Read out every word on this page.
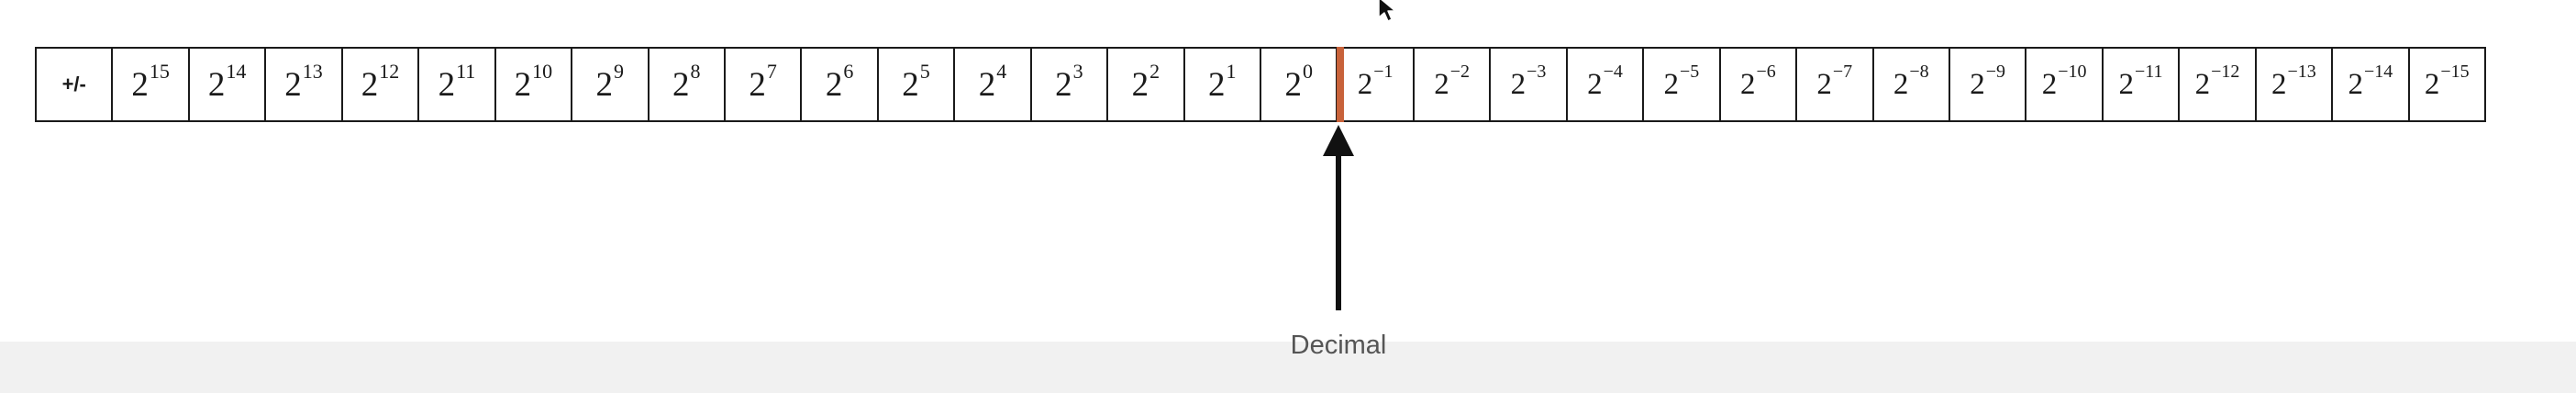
+/-	$2^{15}$ $2^{14}$ $2^{13}$ $2^{12}$ $2^{11}$ $2^{10}$ $2^9$ $2^8$ $2^7$ $2^6$ $2^5$ $2^4$ $2^3$ $2^2$ $2^1$ $2^0$ $2^{-1}$ $2^{-2}$ $2^{-3}$ $2^{-4}$ $2^{-5}$ $2^{-6}$ $2^{-7}$ $2^{-8}$ $2^{-9}$ $2^{-10}$ $2^{-11}$ $2^{-12}$ $2^{-13}$ $2^{-14}$ $2^{-15}$
Decimal
